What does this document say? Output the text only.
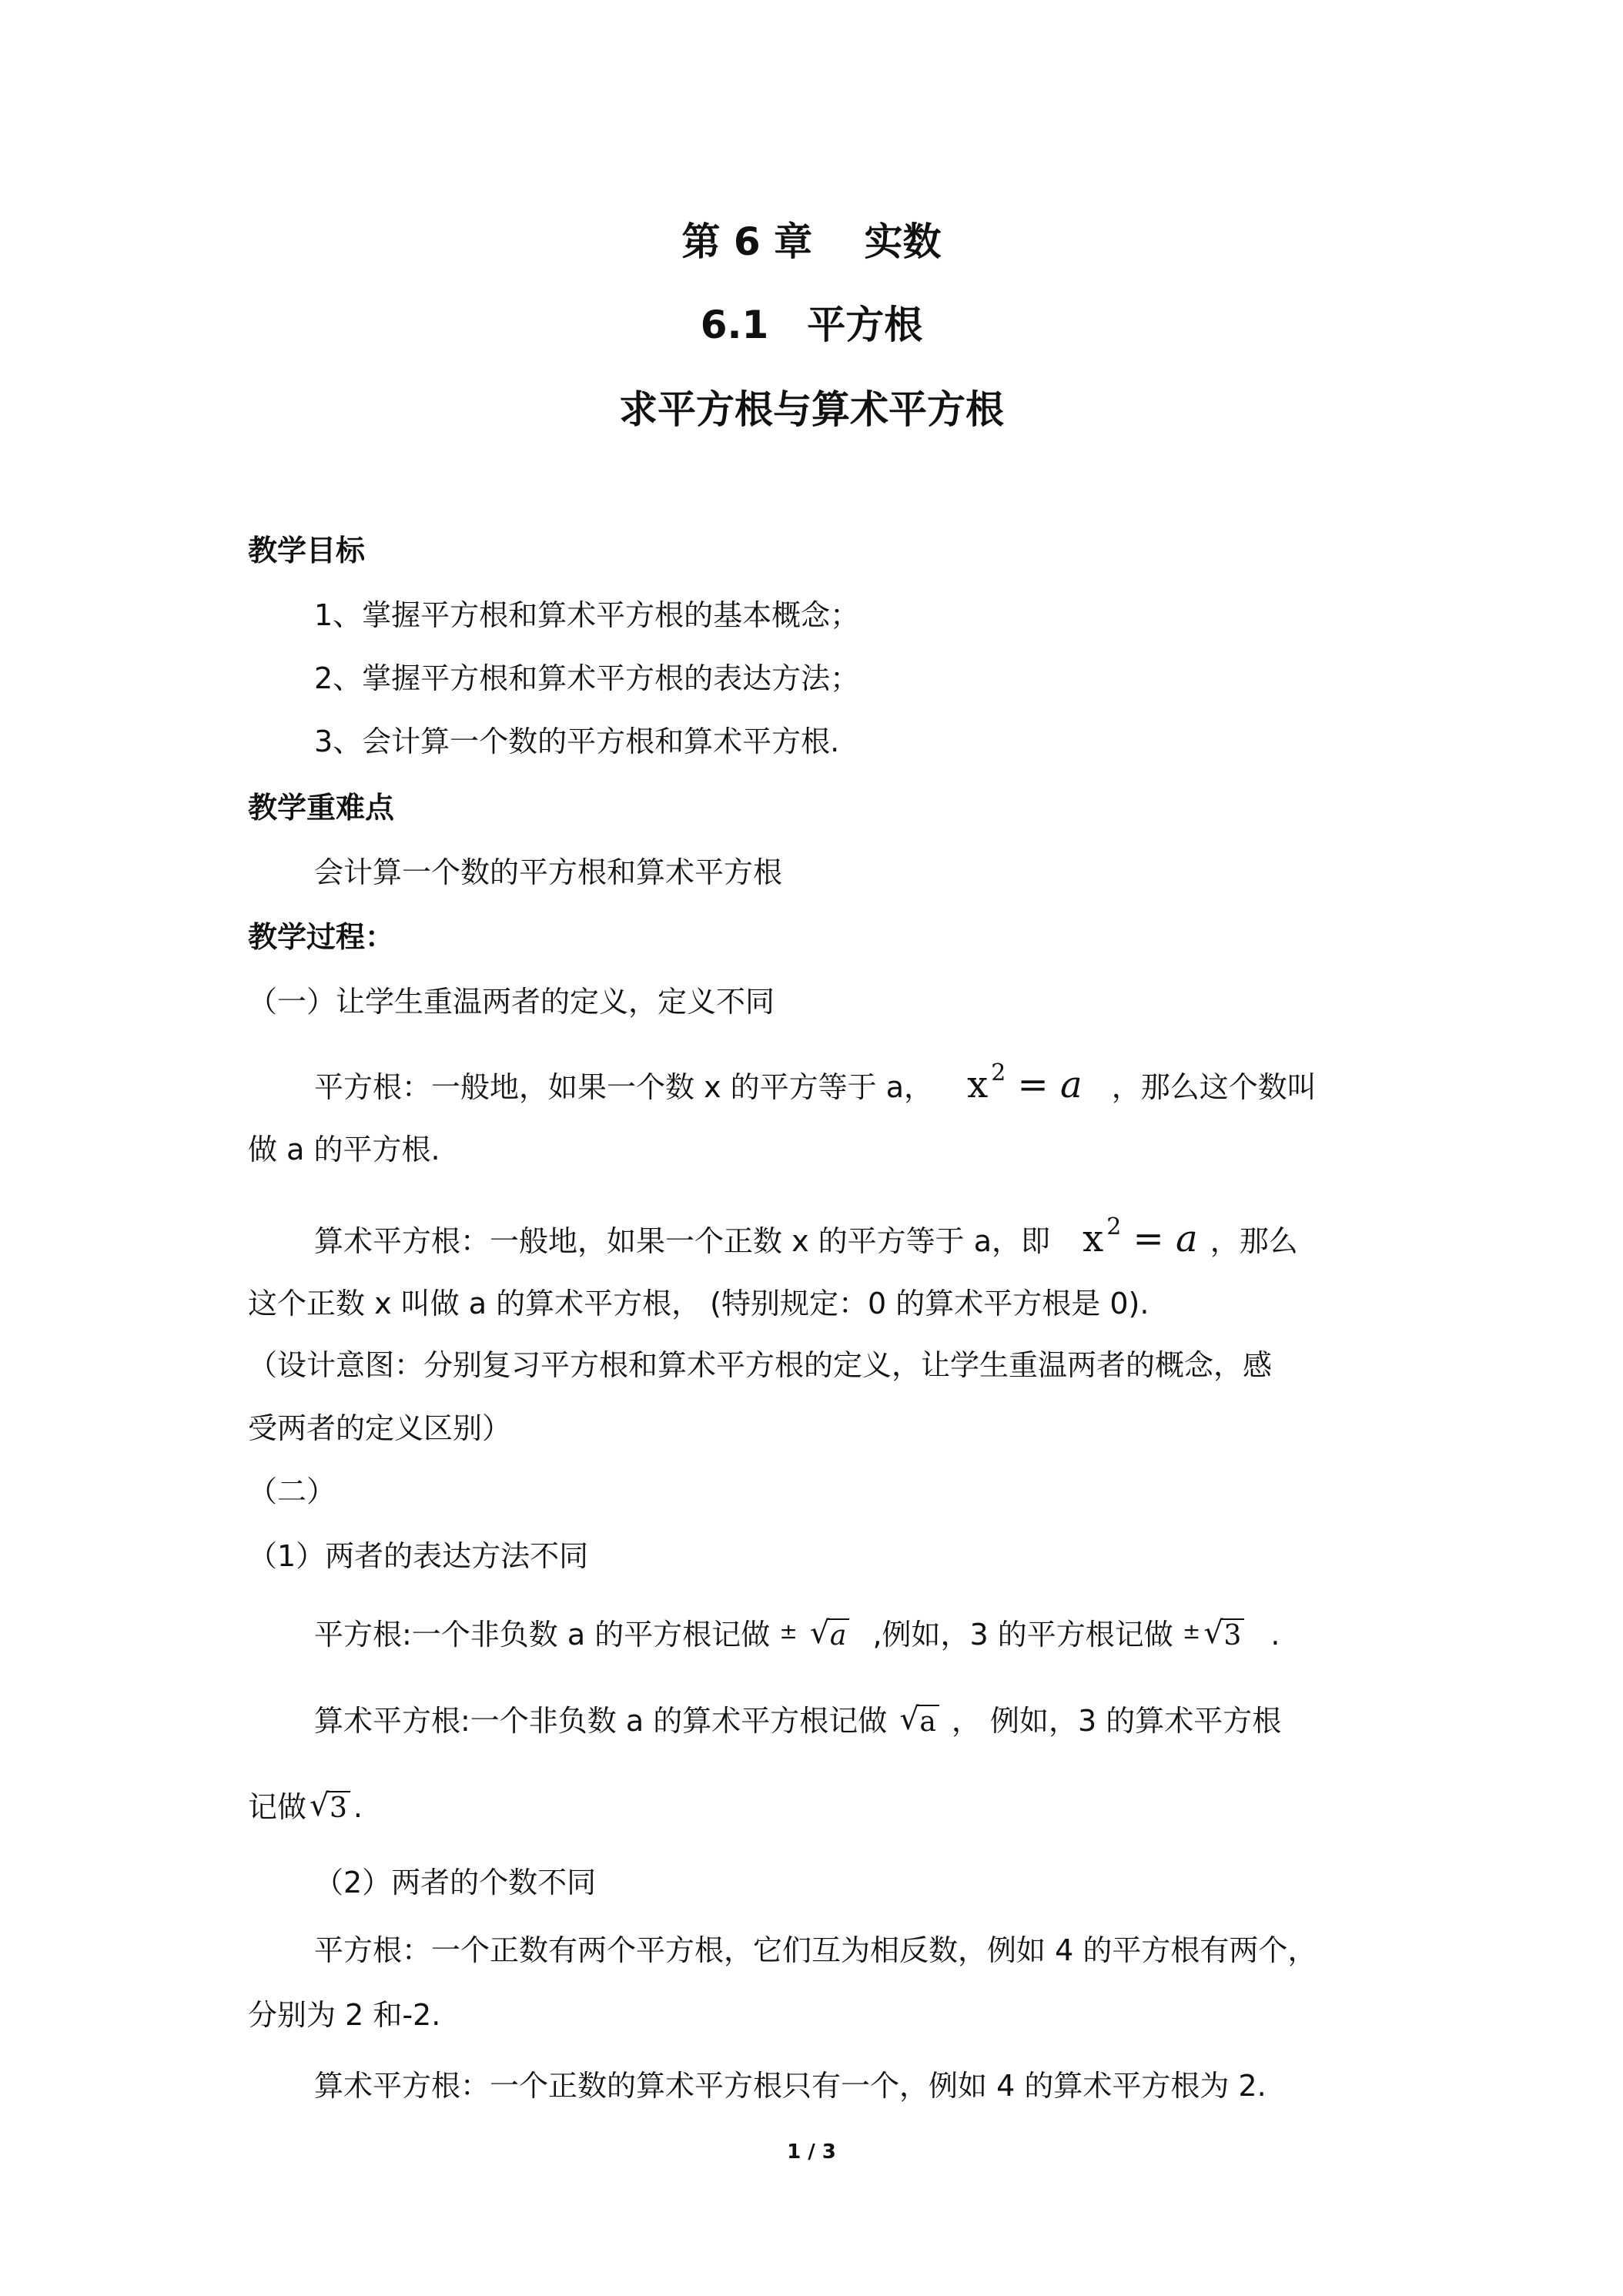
第 6 章　 实数
6.1　平方根
求平方根与算术平方根
教学目标
1、掌握平方根和算术平方根的基本概念；
2、掌握平方根和算术平方根的表达方法；
3、会计算一个数的平方根和算术平方根.
教学重难点
会计算一个数的平方根和算术平方根
教学过程：
（一）让学生重温两者的定义，定义不同
平方根：一般地，如果一个数 x 的平方等于 a， x $^2$ = a ，那么这个数叫
做 a 的平方根.
算术平方根：一般地，如果一个正数 x 的平方等于 a，即 x $^2$ = a ，那么
这个正数 x 叫做 a 的算术平方根， (特别规定：0 的算术平方根是 0).
（设计意图：分别复习平方根和算术平方根的定义，让学生重温两者的概念，感
受两者的定义区别）
（二）
（1）两者的表达方法不同
平方根:一个非负数 a 的平方根记做 ± √ a ,例如，3 的平方根记做 ± √ 3 .
算术平方根:一个非负数 a 的算术平方根记做 √ a ， 例如，3 的算术平方根
记做 √ 3 .
（2）两者的个数不同
平方根：一个正数有两个平方根，它们互为相反数，例如 4 的平方根有两个，
分别为 2 和-2.
算术平方根：一个正数的算术平方根只有一个，例如 4 的算术平方根为 2.
1 / 3
